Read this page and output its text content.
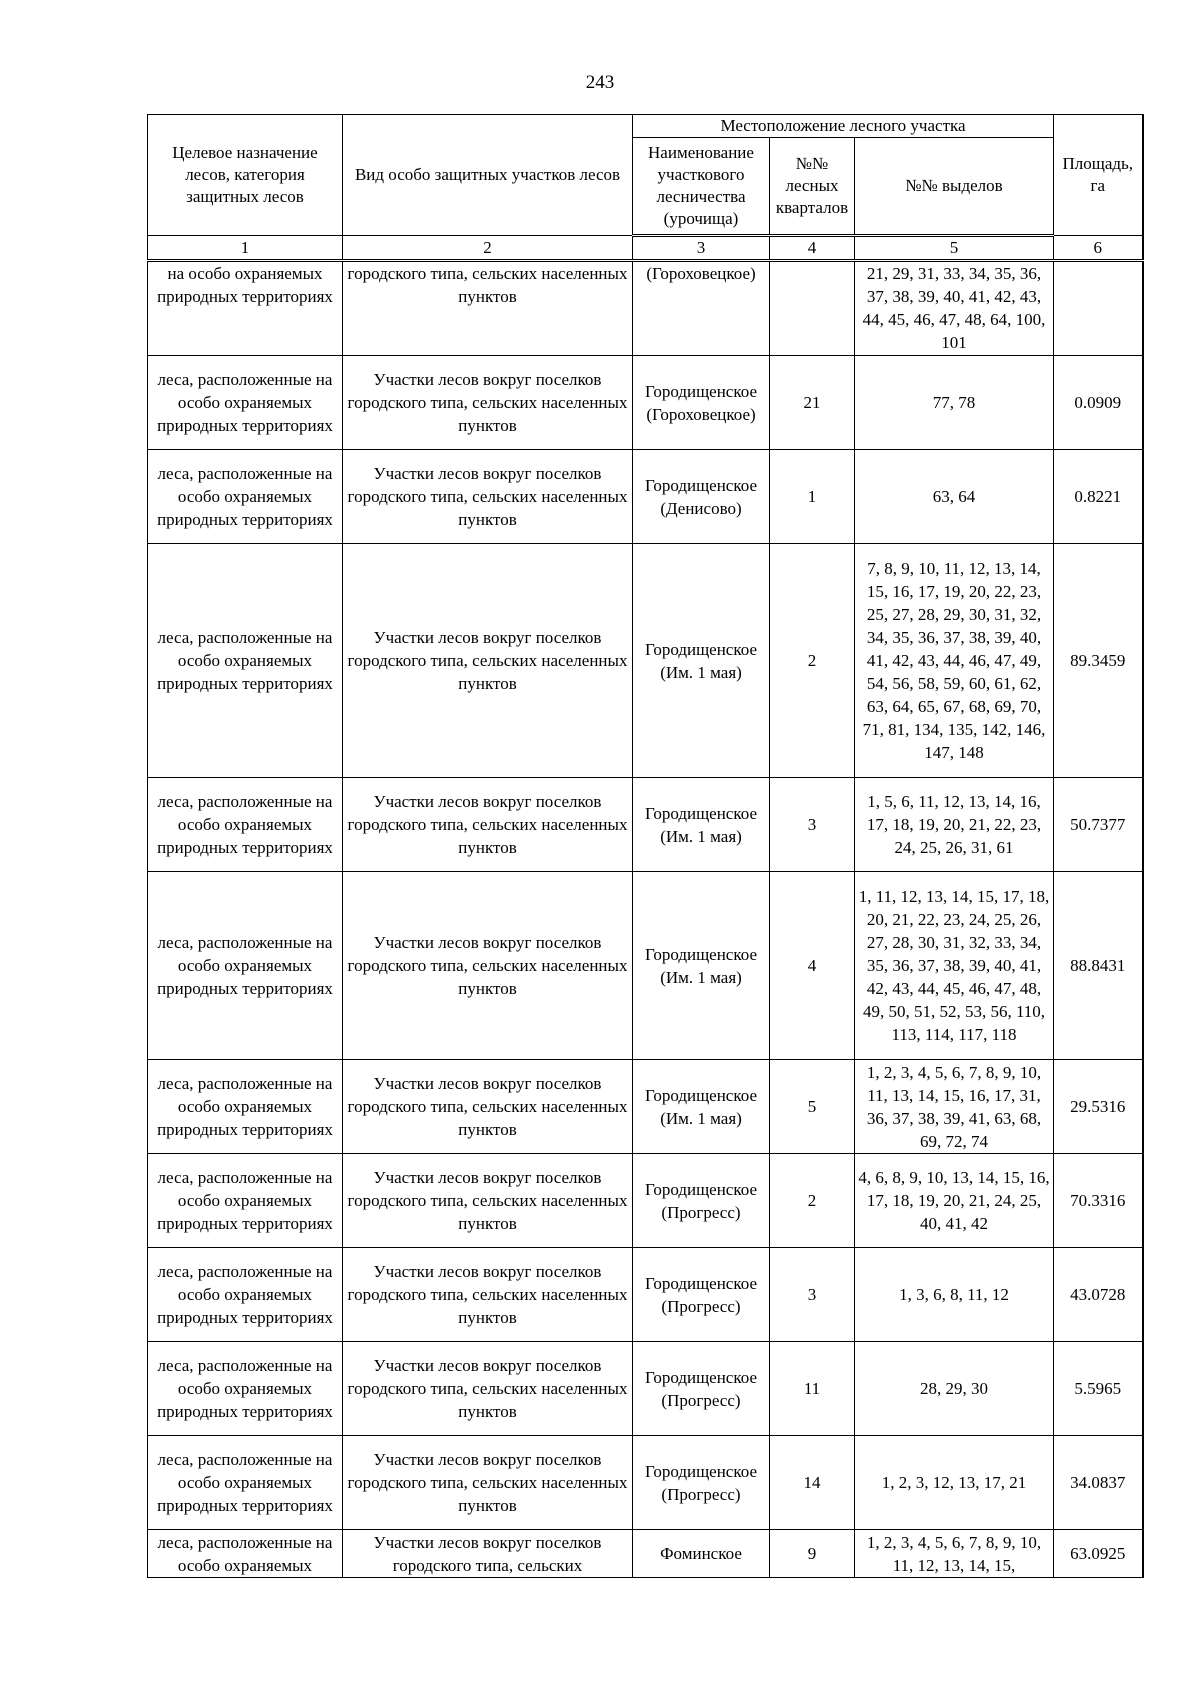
243
Целевое назначение лесов, категория защитных лесов	Вид особо защитных участков лесов	Местоположение лесного участка			Площадь, га
		Наименование участкового лесничества (урочища)	№№ лесных кварталов	№№ выделов	
1	2	3	4	5	6
на особо охраняемых природных территориях	городского типа, сельских населенных пунктов	(Гороховецкое)		21, 29, 31, 33, 34, 35, 36, 37, 38, 39, 40, 41, 42, 43, 44, 45, 46, 47, 48, 64, 100, 101	
леса, расположенные на особо охраняемых природных территориях	Участки лесов вокруг поселков городского типа, сельских населенных пунктов	Городищенское (Гороховецкое)	21	77, 78	0.0909
леса, расположенные на особо охраняемых природных территориях	Участки лесов вокруг поселков городского типа, сельских населенных пунктов	Городищенское (Денисово)	1	63, 64	0.8221
леса, расположенные на особо охраняемых природных территориях	Участки лесов вокруг поселков городского типа, сельских населенных пунктов	Городищенское (Им. 1 мая)	2	7, 8, 9, 10, 11, 12, 13, 14, 15, 16, 17, 19, 20, 22, 23, 25, 27, 28, 29, 30, 31, 32, 34, 35, 36, 37, 38, 39, 40, 41, 42, 43, 44, 46, 47, 49, 54, 56, 58, 59, 60, 61, 62, 63, 64, 65, 67, 68, 69, 70, 71, 81, 134, 135, 142, 146, 147, 148	89.3459
леса, расположенные на особо охраняемых природных территориях	Участки лесов вокруг поселков городского типа, сельских населенных пунктов	Городищенское (Им. 1 мая)	3	1, 5, 6, 11, 12, 13, 14, 16, 17, 18, 19, 20, 21, 22, 23, 24, 25, 26, 31, 61	50.7377
леса, расположенные на особо охраняемых природных территориях	Участки лесов вокруг поселков городского типа, сельских населенных пунктов	Городищенское (Им. 1 мая)	4	1, 11, 12, 13, 14, 15, 17, 18, 20, 21, 22, 23, 24, 25, 26, 27, 28, 30, 31, 32, 33, 34, 35, 36, 37, 38, 39, 40, 41, 42, 43, 44, 45, 46, 47, 48, 49, 50, 51, 52, 53, 56, 110, 113, 114, 117, 118	88.8431
леса, расположенные на особо охраняемых природных территориях	Участки лесов вокруг поселков городского типа, сельских населенных пунктов	Городищенское (Им. 1 мая)	5	1, 2, 3, 4, 5, 6, 7, 8, 9, 10, 11, 13, 14, 15, 16, 17, 31, 36, 37, 38, 39, 41, 63, 68, 69, 72, 74	29.5316
леса, расположенные на особо охраняемых природных территориях	Участки лесов вокруг поселков городского типа, сельских населенных пунктов	Городищенское (Прогресс)	2	4, 6, 8, 9, 10, 13, 14, 15, 16, 17, 18, 19, 20, 21, 24, 25, 40, 41, 42	70.3316
леса, расположенные на особо охраняемых природных территориях	Участки лесов вокруг поселков городского типа, сельских населенных пунктов	Городищенское (Прогресс)	3	1, 3, 6, 8, 11, 12	43.0728
леса, расположенные на особо охраняемых природных территориях	Участки лесов вокруг поселков городского типа, сельских населенных пунктов	Городищенское (Прогресс)	11	28, 29, 30	5.5965
леса, расположенные на особо охраняемых природных территориях	Участки лесов вокруг поселков городского типа, сельских населенных пунктов	Городищенское (Прогресс)	14	1, 2, 3, 12, 13, 17, 21	34.0837
леса, расположенные на особо охраняемых	Участки лесов вокруг поселков городского типа, сельских	Фоминское	9	1, 2, 3, 4, 5, 6, 7, 8, 9, 10, 11, 12, 13, 14, 15,	63.0925
